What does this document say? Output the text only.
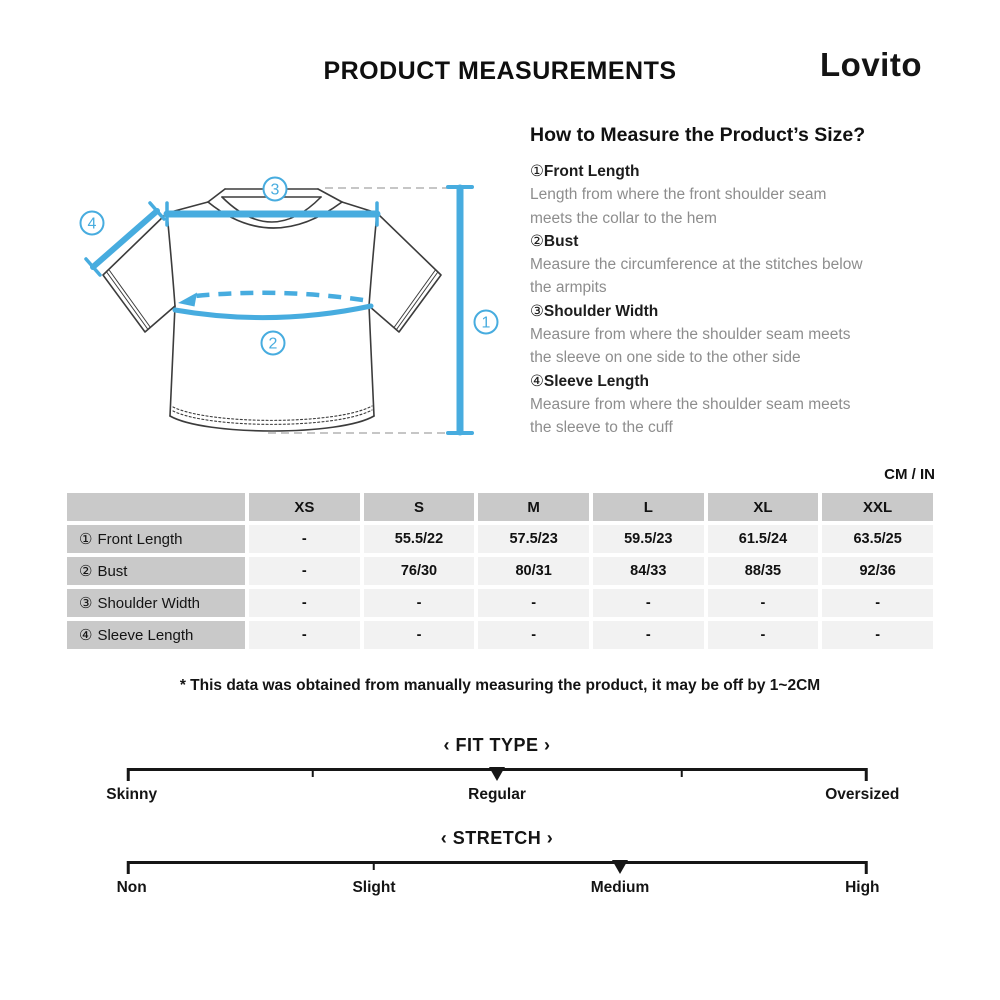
PRODUCT MEASUREMENTS	Lovito
3
4
2
1
How to Measure the Product’s Size?
①Front Length
Length from where the front shoulder seam
meets the collar to the hem
②Bust
Measure the circumference at the stitches below
the armpits
③Shoulder Width
Measure from where the shoulder seam meets
the sleeve on one side to the other side
④Sleeve Length
Measure from where the shoulder seam meets
the sleeve to the cuff
CM / IN
	XS	S	M	L	XL	XXL
① Front Length	-	55.5/22	57.5/23	59.5/23	61.5/24	63.5/25
② Bust	-	76/30	80/31	84/33	88/35	92/36
③ Shoulder Width	-	-	-	-	-	-
④ Sleeve Length	-	-	-	-	-	-
* This data was obtained from manually measuring the product, it may be off by 1~2CM
‹ FIT TYPE ›
Skinny	Regular	Oversized
‹ STRETCH ›
Non	Slight	Medium	High
